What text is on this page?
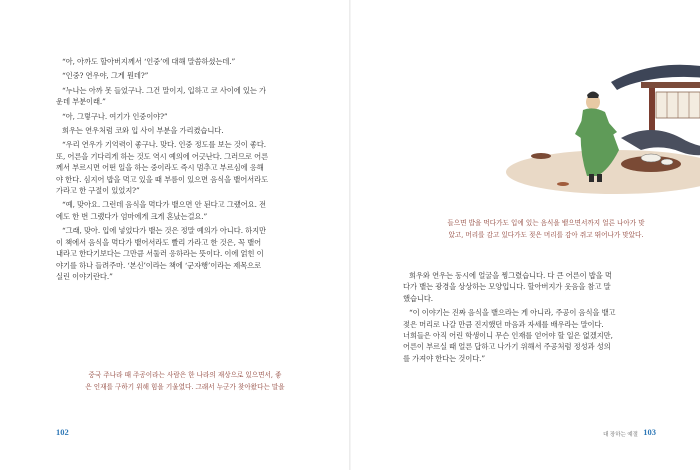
“아, 아까도 할아버지께서 ‘인중’에 대해 말씀하셨는데.”

“인중? 연우야, 그게 뭔데?”

“누나는 아까 못 들었구나. 그건 말이지, 입하고 코 사이에 있는 가

운데 부분이래.”

“아, 그렇구나. 여기가 인중이야?”

희우는 연우처럼 코와 입 사이 부분을 가리켰습니다.

“우리 연우가 기억력이 좋구나. 맞다. 인중 정도를 보는 것이 좋다.

또, 어른을 기다리게 하는 것도 역시 예의에 어긋난다. 그러므로 어른

께서 부르시면 어떤 일을 하는 중이라도 즉시 멈추고 부르심에 응해

야 한다. 심지어 밥을 먹고 있을 때 부름이 있으면 음식을 뱉어서라도

가라고 한 구절이 있었지?”

“예, 맞아요. 그런데 음식을 먹다가 뱉으면 안 된다고 그랬어요. 전

에도 한 번 그랬다가 엄마에게 크게 혼났는걸요.”

“그래, 맞아. 입에 넣었다가 뱉는 것은 정말 예의가 아니다. 하지만

이 책에서 음식을 먹다가 뱉어서라도 빨리 가라고 한 것은, 꼭 뱉어

내라고 한다기보다는 그만큼 서둘러 응하라는 뜻이다. 이에 얽힌 이

야기를 하나 들려주마. ‘본신’이라는 책에 ‘군자행’이라는 제목으로

실린 이야기란다.”

중국 주나라 때 주공이라는 사람은 한 나라의 재상으로 있으면서, 좋

은 인재를 구하기 위해 힘을 기울였다. 그래서 누군가 찾아왔다는 말을

102

들으면 밥을 먹다가도 입에 있는 음식을 뱉으면서까지 얼른 나아가 맞

았고, 머리를 감고 있다가도 젖은 머리를 감아 쥐고 뛰어나가 맞았다.

희우와 연우는 동시에 얼굴을 찡그렸습니다. 다 큰 어른이 밥을 먹

다가 뱉는 광경을 상상하는 모양입니다. 할아버지가 웃음을 참고 말

했습니다.

“이 이야기는 진짜 음식을 뱉으라는 게 아니라, 주공이 음식을 뱉고

젖은 머리로 나갈 만큼 진지했던 마음과 자세를 배우라는 말이다.

너희들은 아직 어린 학생이니 무슨 인재를 얻어야 할 일은 없겠지만,

어른이 부르실 때 얼른 답하고 나가기 위해서 주공처럼 정성과 성의

를 가져야 한다는 것이다.”

대 장하는 예절 103
